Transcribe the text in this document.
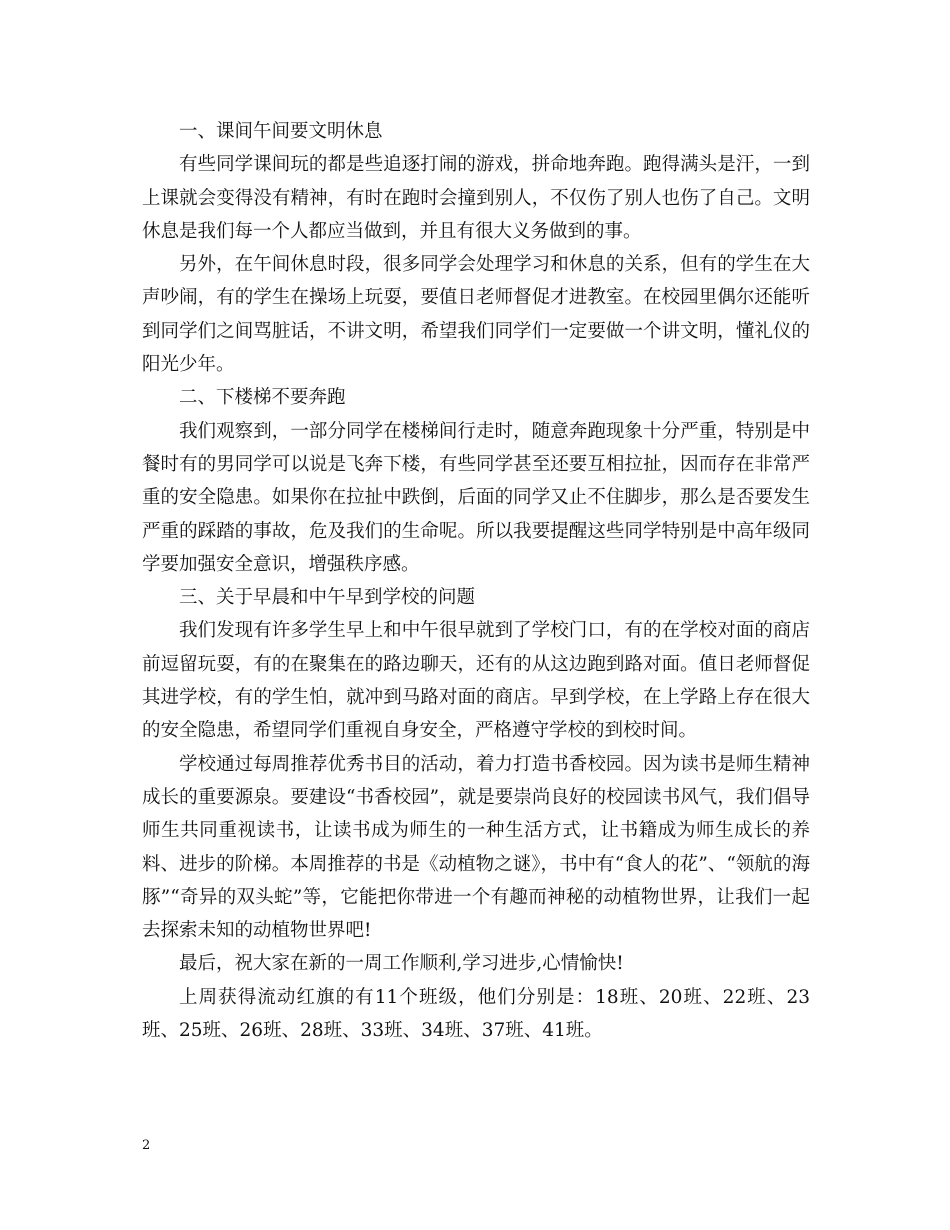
一、课间午间要文明休息

有些同学课间玩的都是些追逐打闹的游戏，拼命地奔跑。跑得满头是汗，一到上课就会变得没有精神，有时在跑时会撞到别人，不仅伤了别人也伤了自己。文明休息是我们每一个人都应当做到，并且有很大义务做到的事。

另外，在午间休息时段，很多同学会处理学习和休息的关系，但有的学生在大声吵闹，有的学生在操场上玩耍，要值日老师督促才进教室。在校园里偶尔还能听到同学们之间骂脏话，不讲文明，希望我们同学们一定要做一个讲文明，懂礼仪的阳光少年。

二、下楼梯不要奔跑

我们观察到，一部分同学在楼梯间行走时，随意奔跑现象十分严重，特别是中餐时有的男同学可以说是飞奔下楼，有些同学甚至还要互相拉扯，因而存在非常严重的安全隐患。如果你在拉扯中跌倒，后面的同学又止不住脚步，那么是否要发生严重的踩踏的事故，危及我们的生命呢。所以我要提醒这些同学特别是中高年级同学要加强安全意识，增强秩序感。

三、关于早晨和中午早到学校的问题

我们发现有许多学生早上和中午很早就到了学校门口，有的在学校对面的商店前逗留玩耍，有的在聚集在的路边聊天，还有的从这边跑到路对面。值日老师督促其进学校，有的学生怕，就冲到马路对面的商店。早到学校，在上学路上存在很大的安全隐患，希望同学们重视自身安全，严格遵守学校的到校时间。

学校通过每周推荐优秀书目的活动，着力打造书香校园。因为读书是师生精神成长的重要源泉。要建设“书香校园”，就是要崇尚良好的校园读书风气，我们倡导师生共同重视读书，让读书成为师生的一种生活方式，让书籍成为师生成长的养料、进步的阶梯。本周推荐的书是《动植物之谜》，书中有“食人的花”、“领航的海豚”“奇异的双头蛇”等，它能把你带进一个有趣而神秘的动植物世界，让我们一起去探索未知的动植物世界吧!

最后，祝大家在新的一周工作顺利,学习进步,心情愉快!

上周获得流动红旗的有11个班级，他们分别是：18班、20班、22班、23班、25班、26班、28班、33班、34班、37班、41班。

2
